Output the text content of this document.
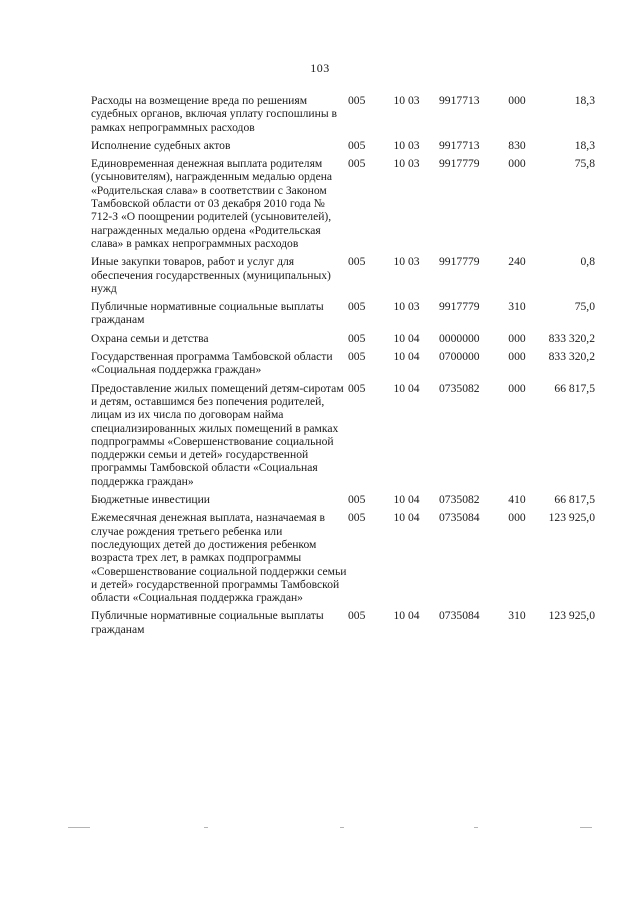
103
Расходы на возмещение вреда по решениям судебных органов, включая уплату госпошлины в рамках непрограммных расходов	005	10 03	9917713	000	18,3
Исполнение судебных актов	005	10 03	9917713	830	18,3
Единовременная денежная выплата родителям (усыновителям), награжденным медалью ордена «Родительская слава» в соответствии с Законом Тамбовской области от 03 декабря 2010 года № 712-З «О поощрении родителей (усыновителей), награжденных медалью ордена «Родительская слава» в рамках непрограммных расходов	005	10 03	9917779	000	75,8
Иные закупки товаров, работ и услуг для обеспечения государственных (муниципальных) нужд	005	10 03	9917779	240	0,8
Публичные нормативные социальные выплаты гражданам	005	10 03	9917779	310	75,0
Охрана семьи и детства	005	10 04	0000000	000	833 320,2
Государственная программа Тамбовской области «Социальная поддержка граждан»	005	10 04	0700000	000	833 320,2
Предоставление жилых помещений детям-сиротам и детям, оставшимся без попечения родителей, лицам из их числа по договорам найма специализированных жилых помещений в рамках подпрограммы «Совершенствование социальной поддержки семьи и детей» государственной программы Тамбовской области «Социальная поддержка граждан»	005	10 04	0735082	000	66 817,5
Бюджетные инвестиции	005	10 04	0735082	410	66 817,5
Ежемесячная денежная выплата, назначаемая в случае рождения третьего ребенка или последующих детей до достижения ребенком возраста трех лет, в рамках подпрограммы «Совершенствование социальной поддержки семьи и детей» государственной программы Тамбовской области «Социальная поддержка граждан»	005	10 04	0735084	000	123 925,0
Публичные нормативные социальные выплаты гражданам	005	10 04	0735084	310	123 925,0
